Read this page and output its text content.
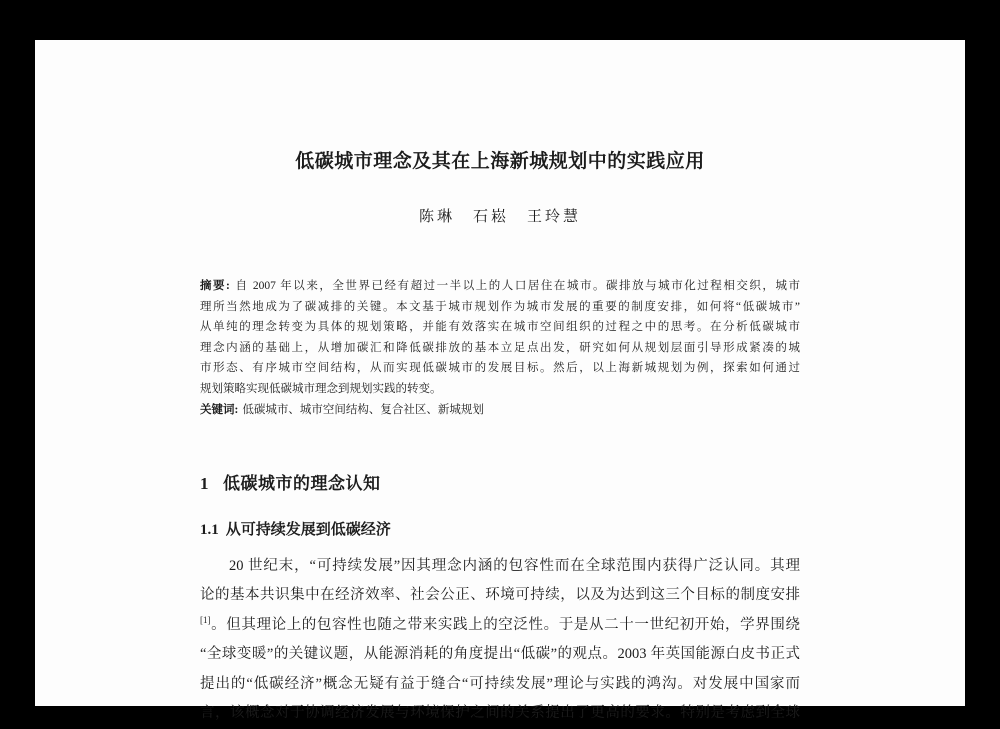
低碳城市理念及其在上海新城规划中的实践应用
陈琳　石崧　王玲慧
摘要: 自 2007 年以来，全世界已经有超过一半以上的人口居住在城市。碳排放与城市化过程相交织，城市
理所当然地成为了碳减排的关键。本文基于城市规划作为城市发展的重要的制度安排，如何将“低碳城市”
从单纯的理念转变为具体的规划策略，并能有效落实在城市空间组织的过程之中的思考。在分析低碳城市
理念内涵的基础上，从增加碳汇和降低碳排放的基本立足点出发，研究如何从规划层面引导形成紧凑的城
市形态、有序城市空间结构，从而实现低碳城市的发展目标。然后，以上海新城规划为例，探索如何通过
规划策略实现低碳城市理念到规划实践的转变。
关键词: 低碳城市、城市空间结构、复合社区、新城规划
1 低碳城市的理念认知
1.1 从可持续发展到低碳经济
20 世纪末，“可持续发展”因其理念内涵的包容性而在全球范围内获得广泛认同。其理
论的基本共识集中在经济效率、社会公正、环境可持续，以及为达到这三个目标的制度安排
[1]。但其理论上的包容性也随之带来实践上的空泛性。于是从二十一世纪初开始，学界围绕
“全球变暖”的关键议题，从能源消耗的角度提出“低碳”的观点。2003 年英国能源白皮书正式
提出的“低碳经济”概念无疑有益于缝合“可持续发展”理论与实践的鸿沟。对发展中国家而
言，该概念对于协调经济发展与环境保护之间的关系提出了更高的要求。特别是考虑到全球
